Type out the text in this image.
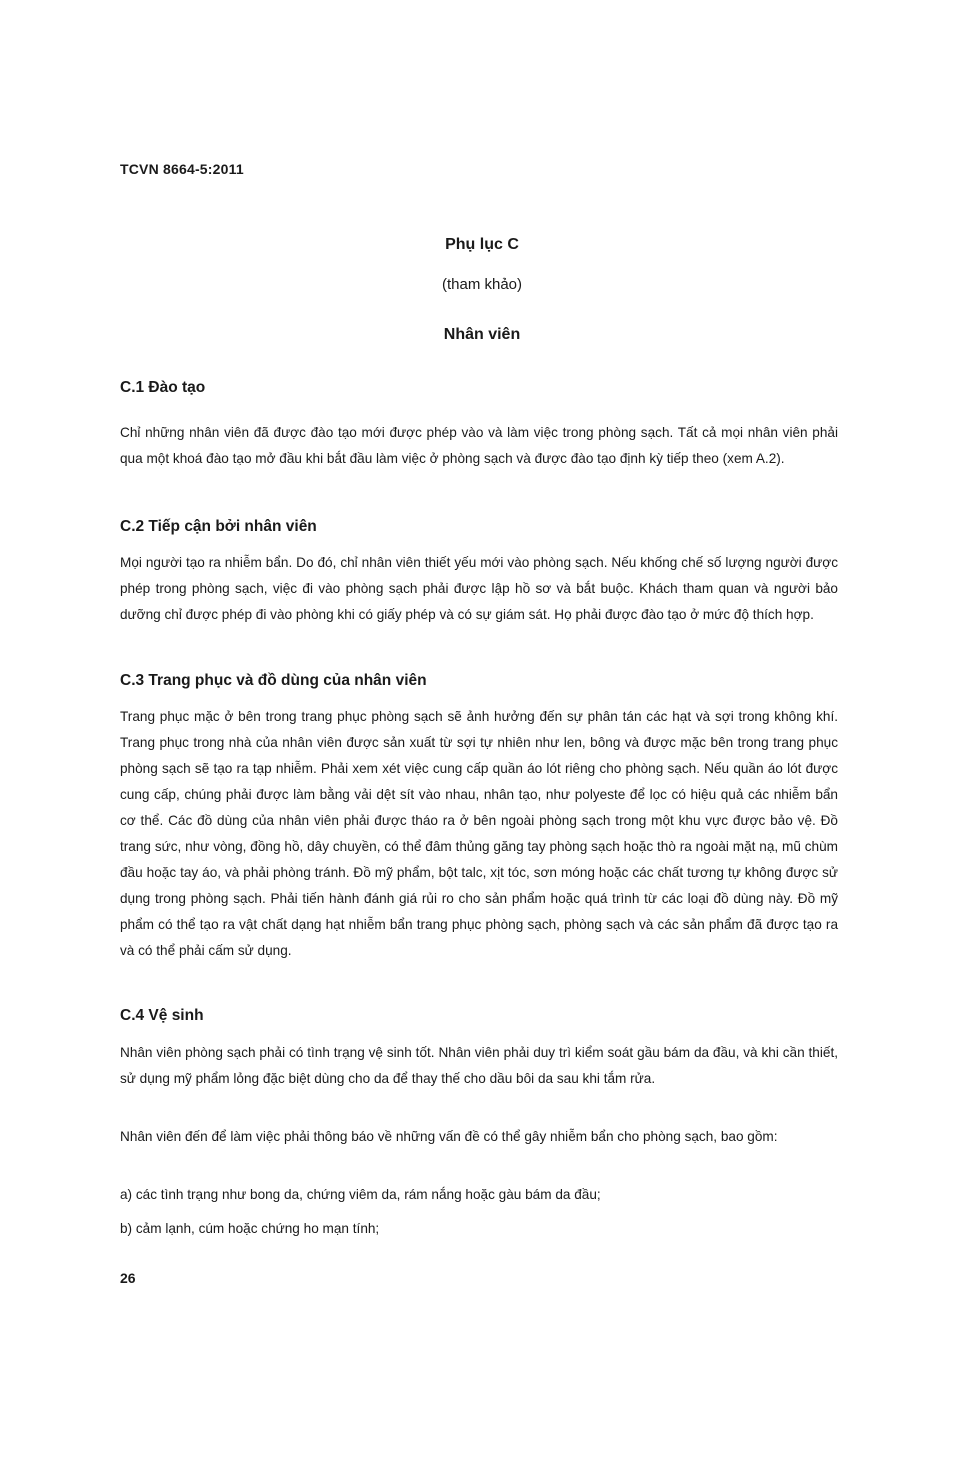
TCVN 8664-5:2011
Phụ lục C
(tham khảo)
Nhân viên
C.1 Đào tạo
Chỉ những nhân viên đã được đào tạo mới được phép vào và làm việc trong phòng sạch. Tất cả mọi nhân viên phải qua một khoá đào tạo mở đầu khi bắt đầu làm việc ở phòng sạch và được đào tạo định kỳ tiếp theo (xem A.2).
C.2 Tiếp cận bởi nhân viên
Mọi người tạo ra nhiễm bẩn. Do đó, chỉ nhân viên thiết yếu mới vào phòng sạch. Nếu khống chế số lượng người được phép trong phòng sạch, việc đi vào phòng sạch phải được lập hồ sơ và bắt buộc. Khách tham quan và người bảo dưỡng chỉ được phép đi vào phòng khi có giấy phép và có sự giám sát. Họ phải được đào tạo ở mức độ thích hợp.
C.3 Trang phục và đồ dùng của nhân viên
Trang phục mặc ở bên trong trang phục phòng sạch sẽ ảnh hưởng đến sự phân tán các hạt và sợi trong không khí. Trang phục trong nhà của nhân viên được sản xuất từ sợi tự nhiên như len, bông và được mặc bên trong trang phục phòng sạch sẽ tạo ra tạp nhiễm. Phải xem xét việc cung cấp quần áo lót riêng cho phòng sạch. Nếu quần áo lót được cung cấp, chúng phải được làm bằng vải dệt sít vào nhau, nhân tạo, như polyeste để lọc có hiệu quả các nhiễm bẩn cơ thể. Các đồ dùng của nhân viên phải được tháo ra ở bên ngoài phòng sạch trong một khu vực được bảo vệ. Đồ trang sức, như vòng, đồng hồ, dây chuyền, có thể đâm thủng găng tay phòng sạch hoặc thò ra ngoài mặt nạ, mũ chùm đầu hoặc tay áo, và phải phòng tránh. Đồ mỹ phẩm, bột talc, xịt tóc, sơn móng hoặc các chất tương tự không được sử dụng trong phòng sạch. Phải tiến hành đánh giá rủi ro cho sản phẩm hoặc quá trình từ các loại đồ dùng này. Đồ mỹ phẩm có thể tạo ra vật chất dạng hạt nhiễm bẩn trang phục phòng sạch, phòng sạch và các sản phẩm đã được tạo ra và có thể phải cấm sử dụng.
C.4 Vệ sinh
Nhân viên phòng sạch phải có tình trạng vệ sinh tốt. Nhân viên phải duy trì kiểm soát gầu bám da đầu, và khi cần thiết, sử dụng mỹ phẩm lỏng đặc biệt dùng cho da để thay thế cho dầu bôi da sau khi tắm rửa.
Nhân viên đến để làm việc phải thông báo về những vấn đề có thể gây nhiễm bẩn cho phòng sạch, bao gồm:
a) các tình trạng như bong da, chứng viêm da, rám nắng hoặc gàu bám da đầu;
b) cảm lạnh, cúm hoặc chứng ho mạn tính;
26
